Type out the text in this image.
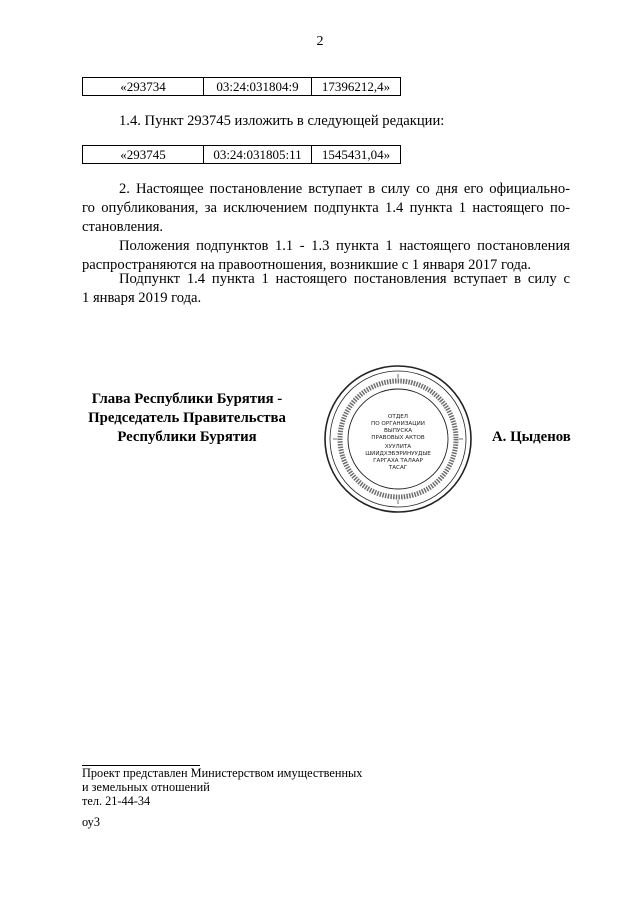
2
«293734	03:24:031804:9	17396212,4»
1.4. Пункт 293745 изложить в следующей редакции:
«293745	03:24:031805:11	1545431,04»
2. Настоящее постановление вступает в силу со дня его официально-
го опубликования, за исключением подпункта 1.4 пункта 1 настоящего по-
становления.
Положения подпунктов 1.1 - 1.3 пункта 1 настоящего постановления
распространяются на правоотношения, возникшие с 1 января 2017 года.
Подпункт 1.4 пункта 1 настоящего постановления вступает в силу с
1 января 2019 года.
Глава Республики Бурятия -
Председатель Правительства
Республики Бурятия	А. Цыденов
ОТДЕЛ
ПО ОРГАНИЗАЦИИ
ВЫПУСКА
ПРАВОВЫХ АКТОВ
ХУУЛИТА
ШИИДХЭБЭРИНУУДЫЕ
ГАРГАХА ТАЛААР
ТАСАГ
Проект представлен Министерством имущественных
и земельных отношений
тел. 21-44-34
оу3
